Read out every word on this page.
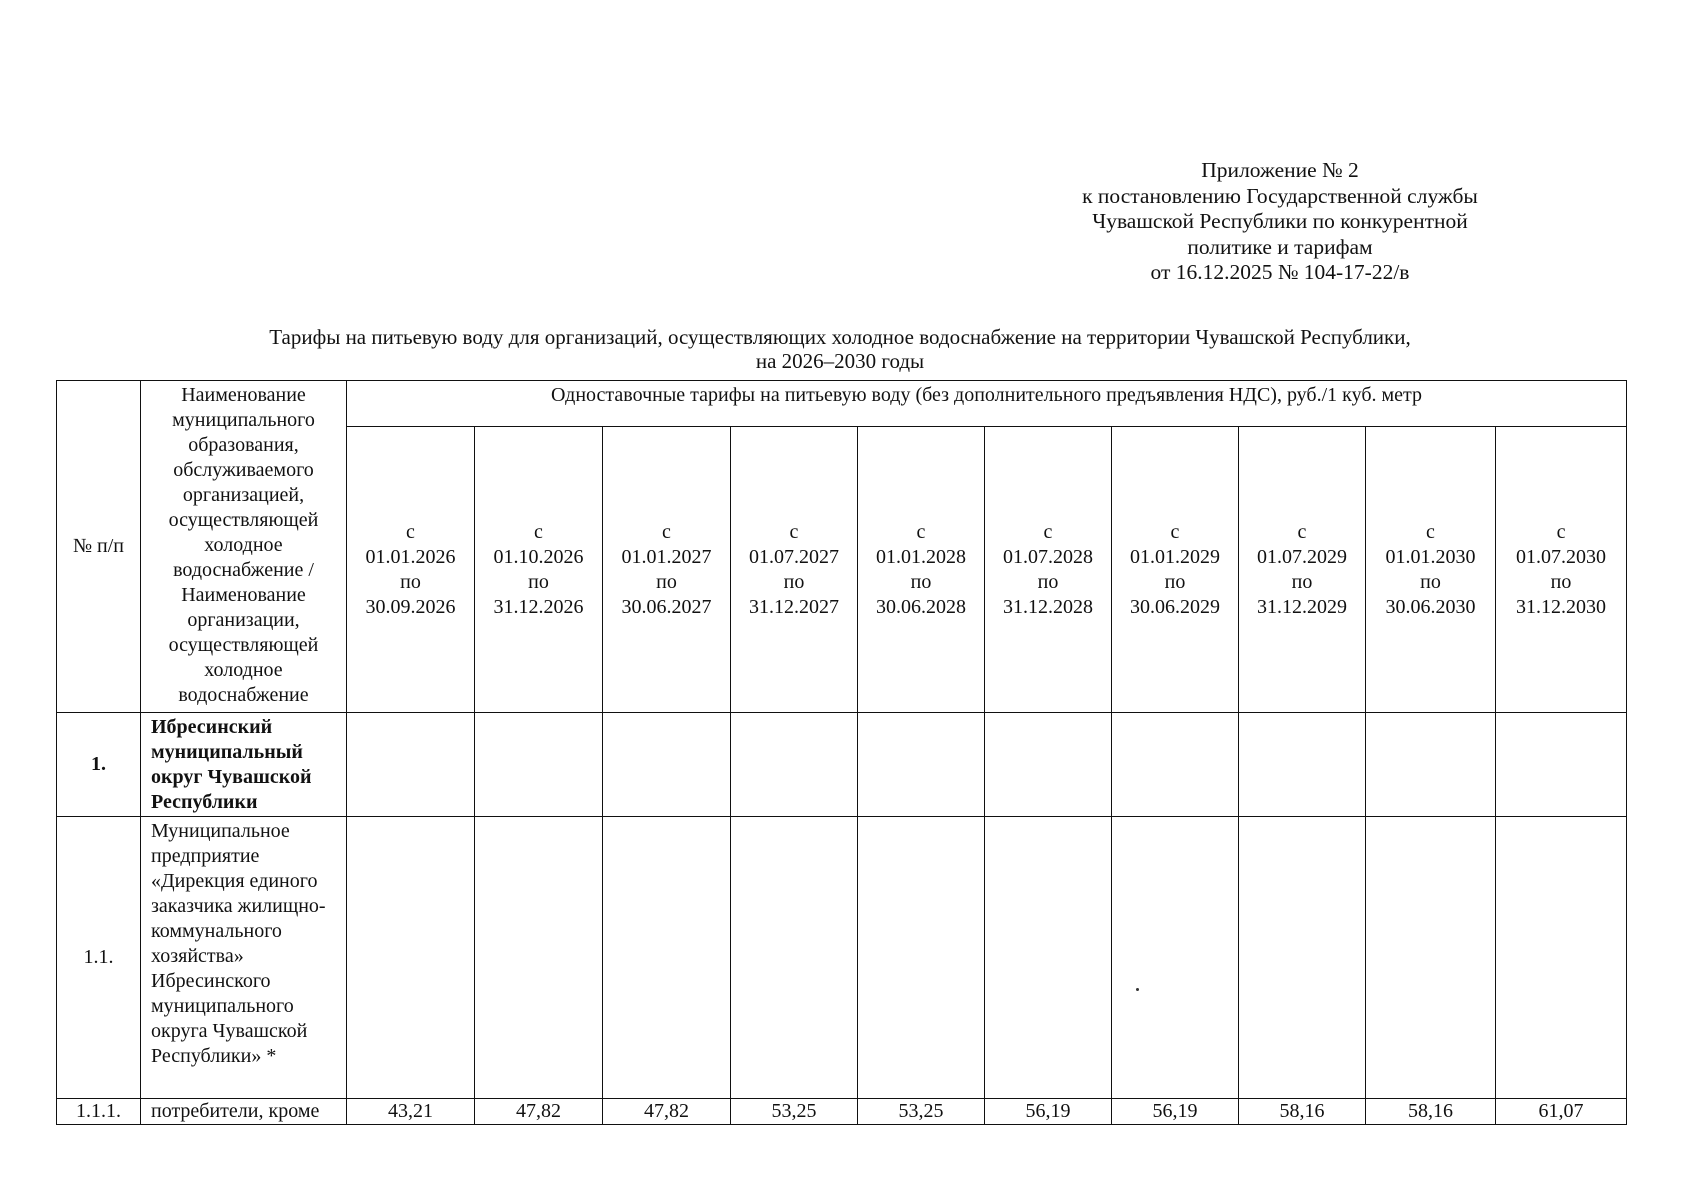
Приложение № 2
к постановлению Государственной службы
Чувашской Республики по конкурентной
политике и тарифам
от 16.12.2025 № 104-17-22/в
Тарифы на питьевую воду для организаций, осуществляющих холодное водоснабжение на территории Чувашской Республики,
на 2026–2030 годы
№ п/п	Наименование муниципального образования, обслуживаемого организацией, осуществляющей холодное водоснабжение / Наименование организации, осуществляющей холодное водоснабжение	Одноставочные тарифы на питьевую воду (без дополнительного предъявления НДС), руб./1 куб. метр									

		с
01.01.2026
по
30.09.2026	с
01.10.2026
по
31.12.2026	с
01.01.2027
по
30.06.2027	с
01.07.2027
по
31.12.2027	с
01.01.2028
по
30.06.2028	с
01.07.2028
по
31.12.2028	с
01.01.2029
по
30.06.2029	с
01.07.2029
по
31.12.2029	с
01.01.2030
по
30.06.2030	с
01.07.2030
по
31.12.2030

1.	Ибресинский муниципальный округ Чувашской Республики										
1.1.	Муниципальное предприятие «Дирекция единого заказчика жилищно-коммунального хозяйства» Ибресинского муниципального округа Чувашской Республики» *										
1.1.1.	потребители, кроме	43,21	47,82	47,82	53,25	53,25	56,19	56,19	58,16	58,16	61,07
